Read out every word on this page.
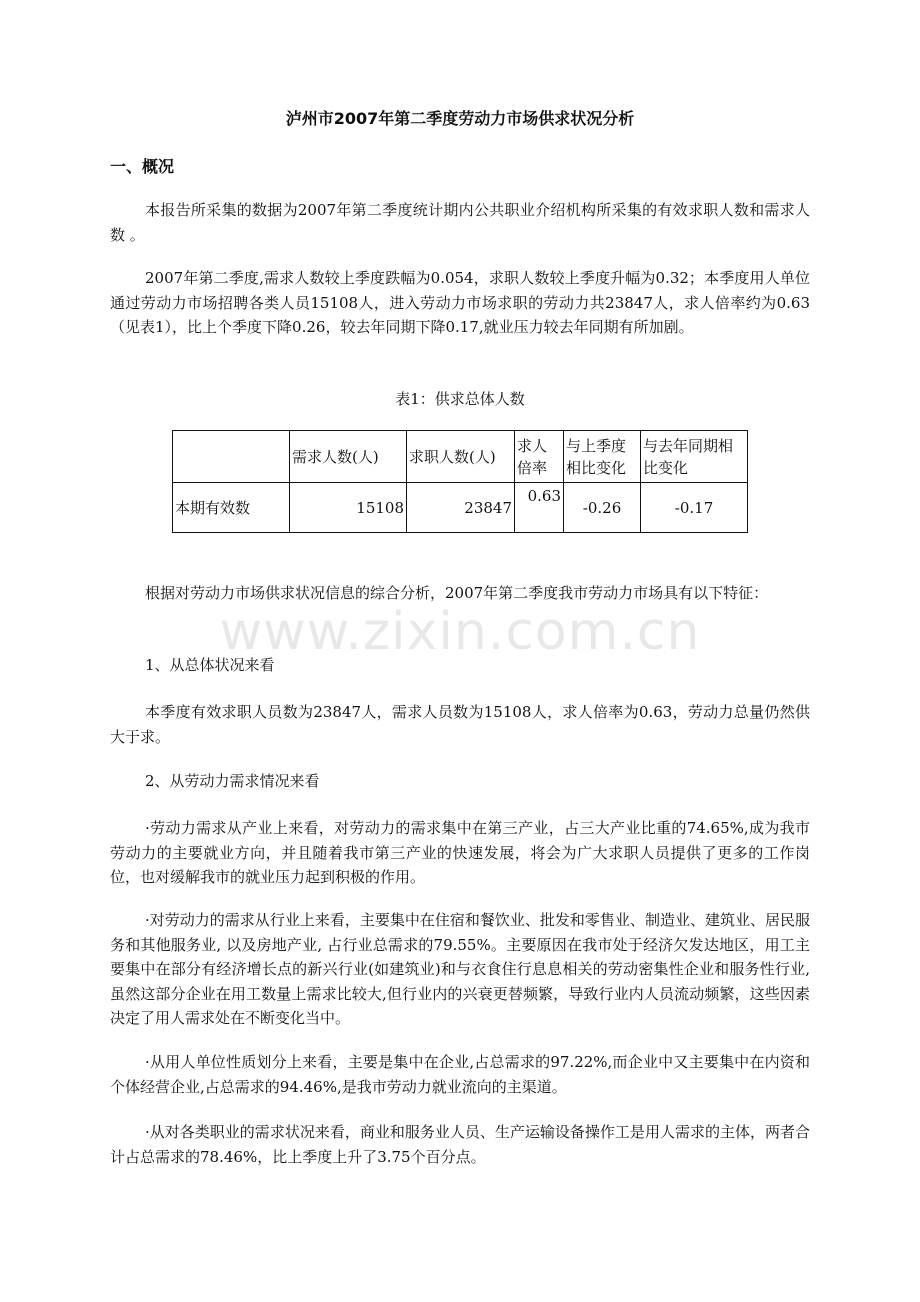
泸州市2007年第二季度劳动力市场供求状况分析
一、概况

本报告所采集的数据为2007年第二季度统计期内公共职业介绍机构所采集的有效求职人数和需求人数 。

2007年第二季度,需求人数较上季度跌幅为0.054，求职人数较上季度升幅为0.32；本季度用人单位通过劳动力市场招聘各类人员15108人，进入劳动力市场求职的劳动力共23847人，求人倍率约为0.63（见表1），比上个季度下降0.26，较去年同期下降0.17,就业压力较去年同期有所加剧。

表1：供求总体人数
	需求人数(人)	求职人数(人)	求人倍率	与上季度相比变化	与去年同期相比变化
本期有效数	15108	23847	0.63	-0.26	-0.17

根据对劳动力市场供求状况信息的综合分析，2007年第二季度我市劳动力市场具有以下特征：

1、从总体状况来看

本季度有效求职人员数为23847人，需求人员数为15108人，求人倍率为0.63，劳动力总量仍然供大于求。

2、从劳动力需求情况来看

·劳动力需求从产业上来看，对劳动力的需求集中在第三产业，占三大产业比重的74.65%,成为我市劳动力的主要就业方向，并且随着我市第三产业的快速发展，将会为广大求职人员提供了更多的工作岗位，也对缓解我市的就业压力起到积极的作用。

·对劳动力的需求从行业上来看，主要集中在住宿和餐饮业、批发和零售业、制造业、建筑业、居民服务和其他服务业, 以及房地产业, 占行业总需求的79.55%。主要原因在我市处于经济欠发达地区，用工主要集中在部分有经济增长点的新兴行业(如建筑业)和与衣食住行息息相关的劳动密集性企业和服务性行业,虽然这部分企业在用工数量上需求比较大,但行业内的兴衰更替频繁，导致行业内人员流动频繁，这些因素决定了用人需求处在不断变化当中。

·从用人单位性质划分上来看，主要是集中在企业,占总需求的97.22%,而企业中又主要集中在内资和个体经营企业,占总需求的94.46%,是我市劳动力就业流向的主渠道。

·从对各类职业的需求状况来看，商业和服务业人员、生产运输设备操作工是用人需求的主体，两者合计占总需求的78.46%，比上季度上升了3.75个百分点。

www.zixin.com.cn
